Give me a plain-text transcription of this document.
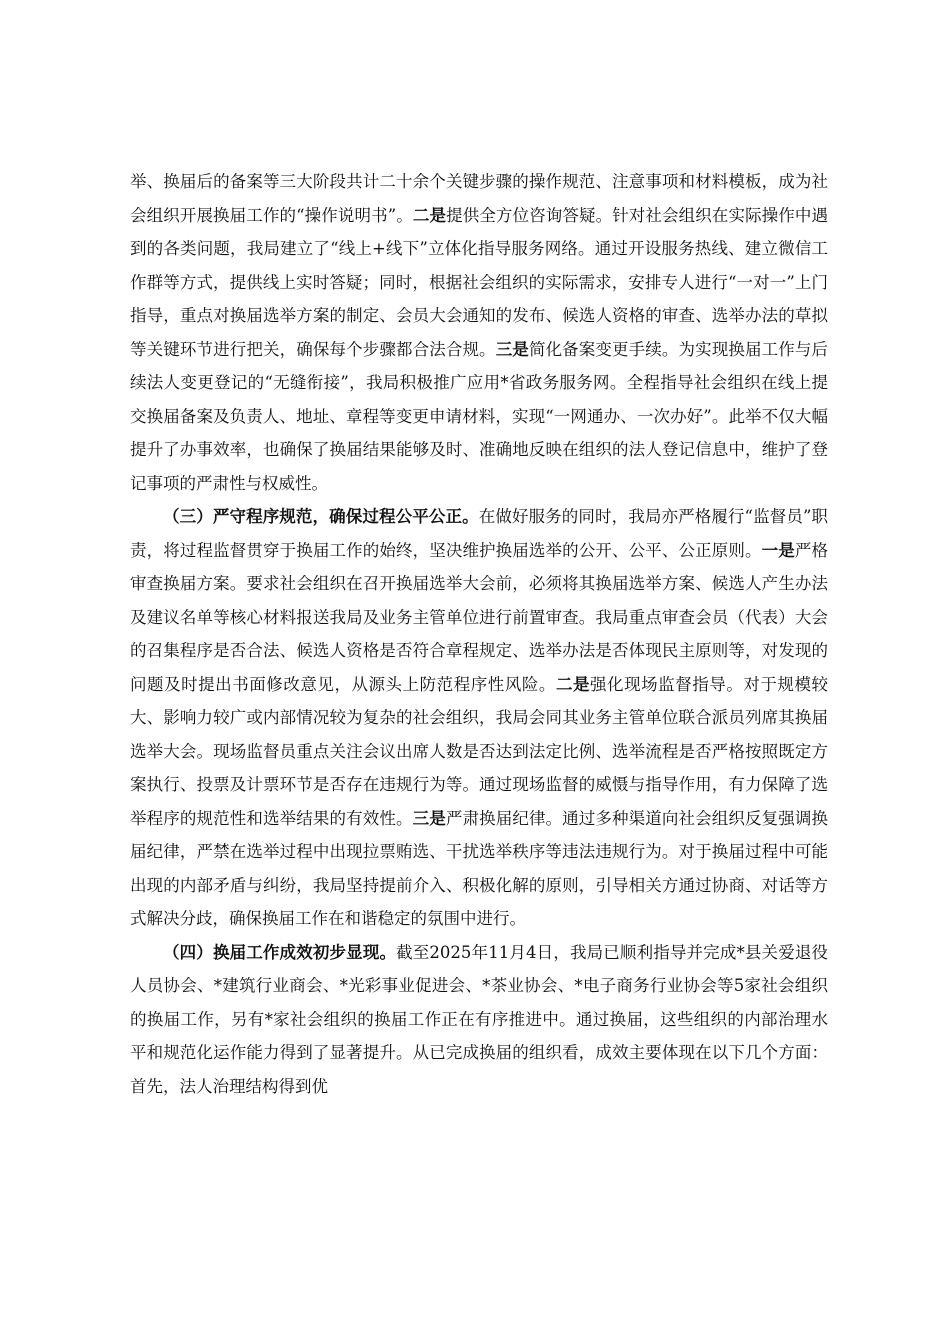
举、换届后的备案等三大阶段共计二十余个关键步骤的操作规范、注意事项和材料模板，成为社会组织开展换届工作的“操作说明书”。二是提供全方位咨询答疑。针对社会组织在实际操作中遇到的各类问题，我局建立了“线上+线下”立体化指导服务网络。通过开设服务热线、建立微信工作群等方式，提供线上实时答疑；同时，根据社会组织的实际需求，安排专人进行“一对一”上门指导，重点对换届选举方案的制定、会员大会通知的发布、候选人资格的审查、选举办法的草拟等关键环节进行把关，确保每个步骤都合法合规。三是简化备案变更手续。为实现换届工作与后续法人变更登记的“无缝衔接”，我局积极推广应用*省政务服务网。全程指导社会组织在线上提交换届备案及负责人、地址、章程等变更申请材料，实现“一网通办、一次办好”。此举不仅大幅提升了办事效率，也确保了换届结果能够及时、准确地反映在组织的法人登记信息中，维护了登记事项的严肃性与权威性。

（三）严守程序规范，确保过程公平公正。在做好服务的同时，我局亦严格履行“监督员”职责，将过程监督贯穿于换届工作的始终，坚决维护换届选举的公开、公平、公正原则。一是严格审查换届方案。要求社会组织在召开换届选举大会前，必须将其换届选举方案、候选人产生办法及建议名单等核心材料报送我局及业务主管单位进行前置审查。我局重点审查会员（代表）大会的召集程序是否合法、候选人资格是否符合章程规定、选举办法是否体现民主原则等，对发现的问题及时提出书面修改意见，从源头上防范程序性风险。二是强化现场监督指导。对于规模较大、影响力较广或内部情况较为复杂的社会组织，我局会同其业务主管单位联合派员列席其换届选举大会。现场监督员重点关注会议出席人数是否达到法定比例、选举流程是否严格按照既定方案执行、投票及计票环节是否存在违规行为等。通过现场监督的威慑与指导作用，有力保障了选举程序的规范性和选举结果的有效性。三是严肃换届纪律。通过多种渠道向社会组织反复强调换届纪律，严禁在选举过程中出现拉票贿选、干扰选举秩序等违法违规行为。对于换届过程中可能出现的内部矛盾与纠纷，我局坚持提前介入、积极化解的原则，引导相关方通过协商、对话等方式解决分歧，确保换届工作在和谐稳定的氛围中进行。

（四）换届工作成效初步显现。截至2025年11月4日，我局已顺利指导并完成*县关爱退役人员协会、*建筑行业商会、*光彩事业促进会、*茶业协会、*电子商务行业协会等5家社会组织的换届工作，另有*家社会组织的换届工作正在有序推进中。通过换届，这些组织的内部治理水平和规范化运作能力得到了显著提升。从已完成换届的组织看，成效主要体现在以下几个方面：首先，法人治理结构得到优
